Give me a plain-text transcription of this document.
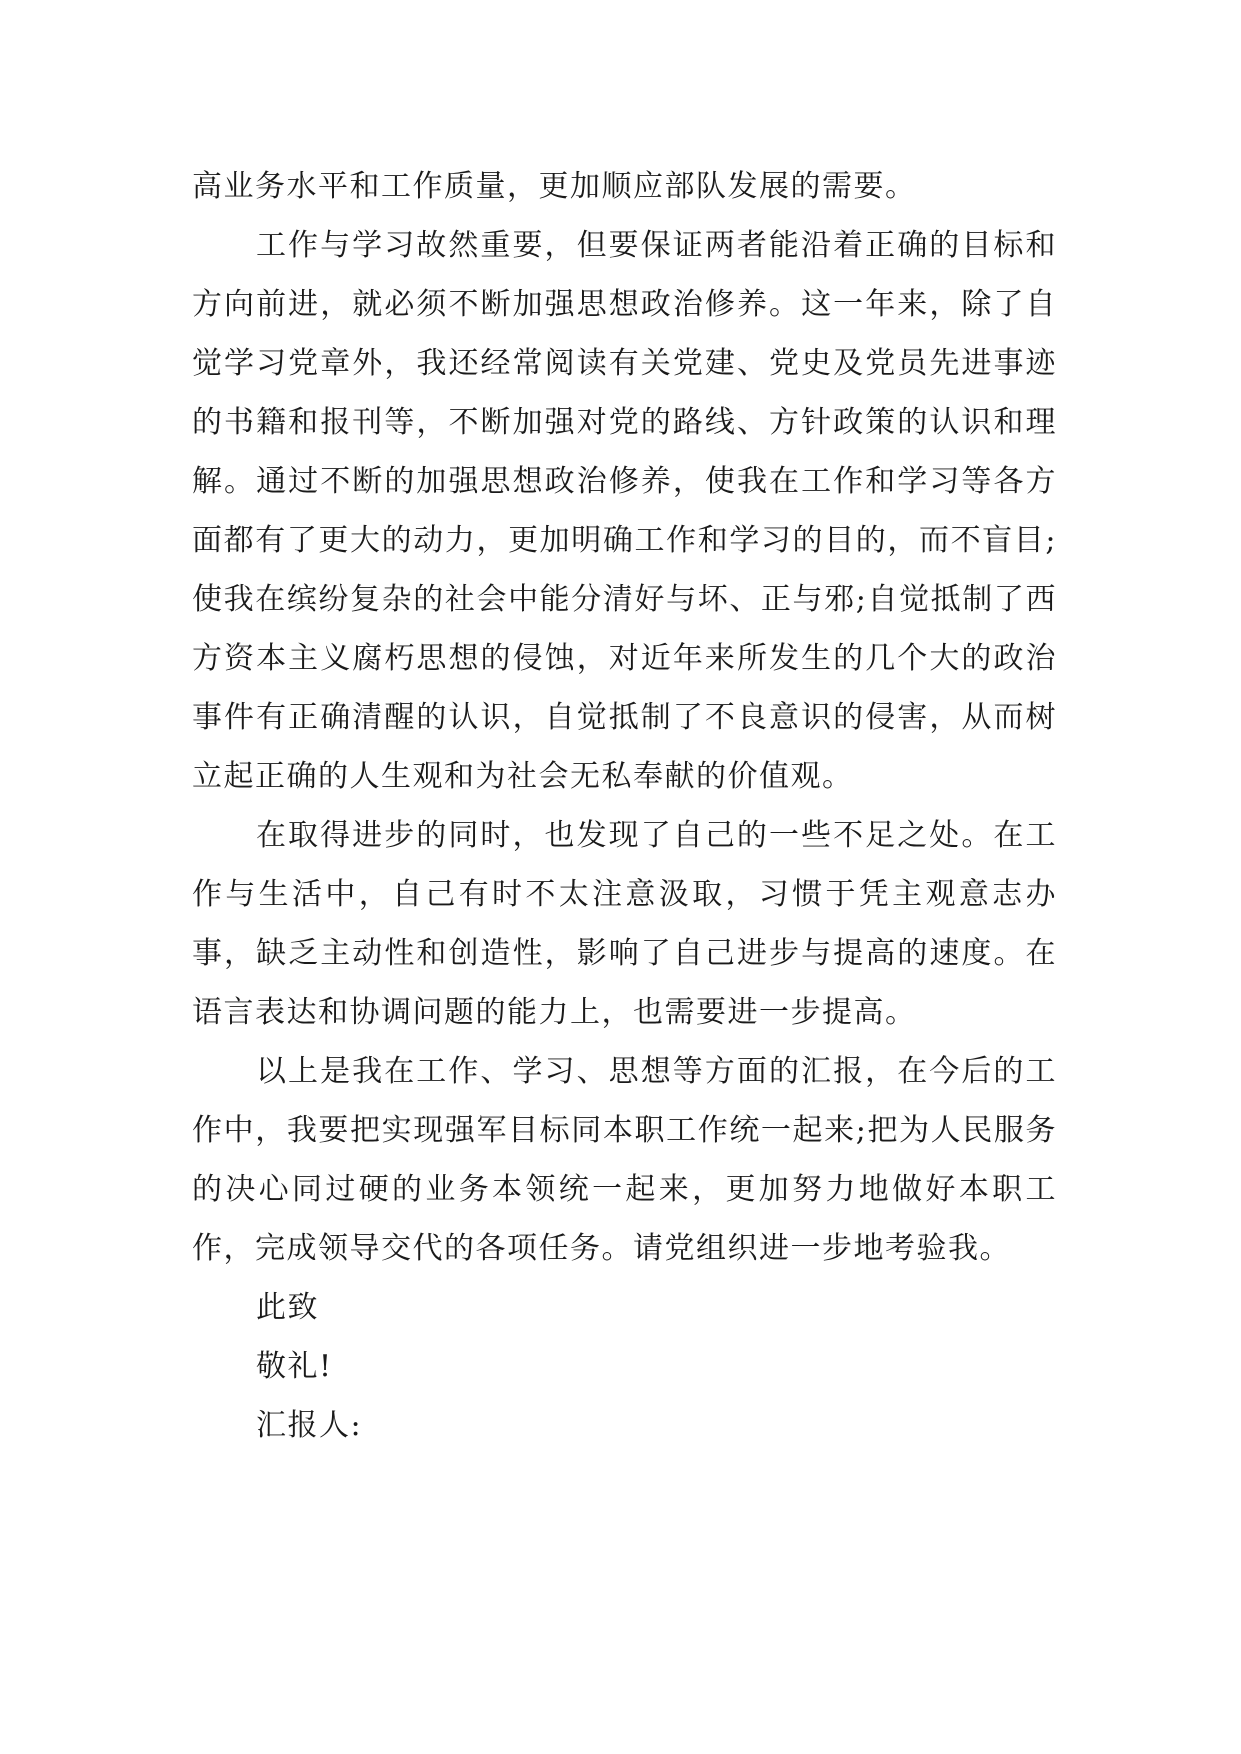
高业务水平和工作质量，更加顺应部队发展的需要。

工作与学习故然重要，但要保证两者能沿着正确的目标和方向前进，就必须不断加强思想政治修养。这一年来，除了自觉学习党章外，我还经常阅读有关党建、党史及党员先进事迹的书籍和报刊等，不断加强对党的路线、方针政策的认识和理解。通过不断的加强思想政治修养，使我在工作和学习等各方面都有了更大的动力，更加明确工作和学习的目的，而不盲目;使我在缤纷复杂的社会中能分清好与坏、正与邪;自觉抵制了西方资本主义腐朽思想的侵蚀，对近年来所发生的几个大的政治事件有正确清醒的认识，自觉抵制了不良意识的侵害，从而树立起正确的人生观和为社会无私奉献的价值观。

在取得进步的同时，也发现了自己的一些不足之处。在工作与生活中，自己有时不太注意汲取，习惯于凭主观意志办事，缺乏主动性和创造性，影响了自己进步与提高的速度。在语言表达和协调问题的能力上，也需要进一步提高。

以上是我在工作、学习、思想等方面的汇报，在今后的工作中，我要把实现强军目标同本职工作统一起来;把为人民服务的决心同过硬的业务本领统一起来，更加努力地做好本职工作，完成领导交代的各项任务。请党组织进一步地考验我。

此致

敬礼!

汇报人:
